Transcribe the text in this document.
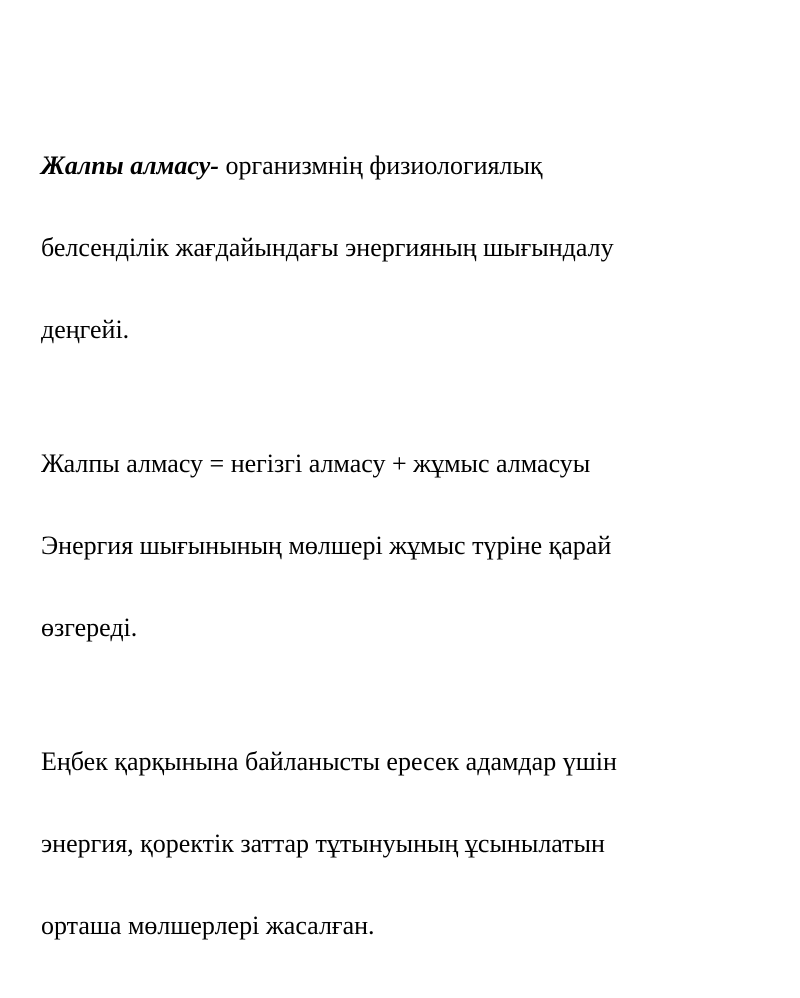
Жалпы алмасу- организмнің физиологиялық

белсенділік жағдайындағы энергияның шығындалу

деңгейі.

Жалпы алмасу = негізгі алмасу + жұмыс алмасуы

Энергия шығынының мөлшері жұмыс түріне қарай

өзгереді.

Еңбек қарқынына байланысты ересек адамдар үшін

энергия, қоректік заттар тұтынуының ұсынылатын

орташа мөлшерлері жасалған.
